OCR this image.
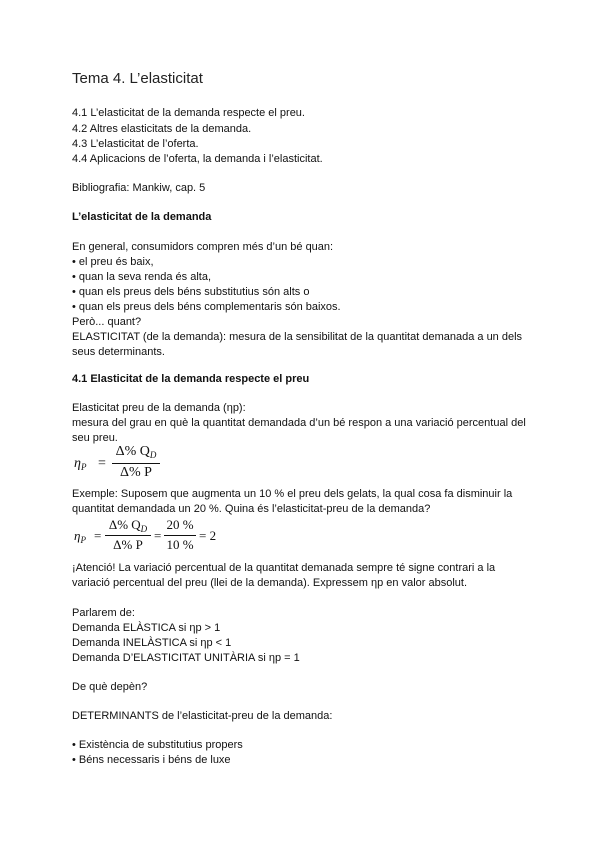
Tema 4. L’elasticitat
4.1 L’elasticitat de la demanda respecte el preu.
4.2 Altres elasticitats de la demanda.
4.3 L’elasticitat de l’oferta.
4.4 Aplicacions de l’oferta, la demanda i l’elasticitat.
Bibliografia: Mankiw, cap. 5
L’elasticitat de la demanda
En general, consumidors compren més d’un bé quan:
• el preu és baix,
• quan la seva renda és alta,
• quan els preus dels béns substitutius són alts o
• quan els preus dels béns complementaris són baixos.
Però... quant?
ELASTICITAT (de la demanda): mesura de la sensibilitat de la quantitat demanada a un dels
seus determinants.
4.1 Elasticitat de la demanda respecte el preu
Elasticitat preu de la demanda (ηp):
mesura del grau en què la quantitat demandada d’un bé respon a una variació percentual del
seu preu.
$\eta_P$ =
Δ% $Q_D$
Δ% P
Exemple: Suposem que augmenta un 10 % el preu dels gelats, la qual cosa fa disminuir la
quantitat demandada un 20 %. Quina és l’elasticitat-preu de la demanda?
$\eta_P$ =
Δ% $Q_D$
Δ% P
=
20 %
10 %
= 2
¡Atenció! La variació percentual de la quantitat demanada sempre té signe contrari a la
variació percentual del preu (llei de la demanda). Expressem ηp en valor absolut.
Parlarem de:
Demanda ELÀSTICA si ηp > 1
Demanda INELÀSTICA si ηp < 1
Demanda D’ELASTICITAT UNITÀRIA si ηp = 1
De què depèn?
DETERMINANTS de l’elasticitat-preu de la demanda:
• Existència de substitutius propers
• Béns necessaris i béns de luxe
